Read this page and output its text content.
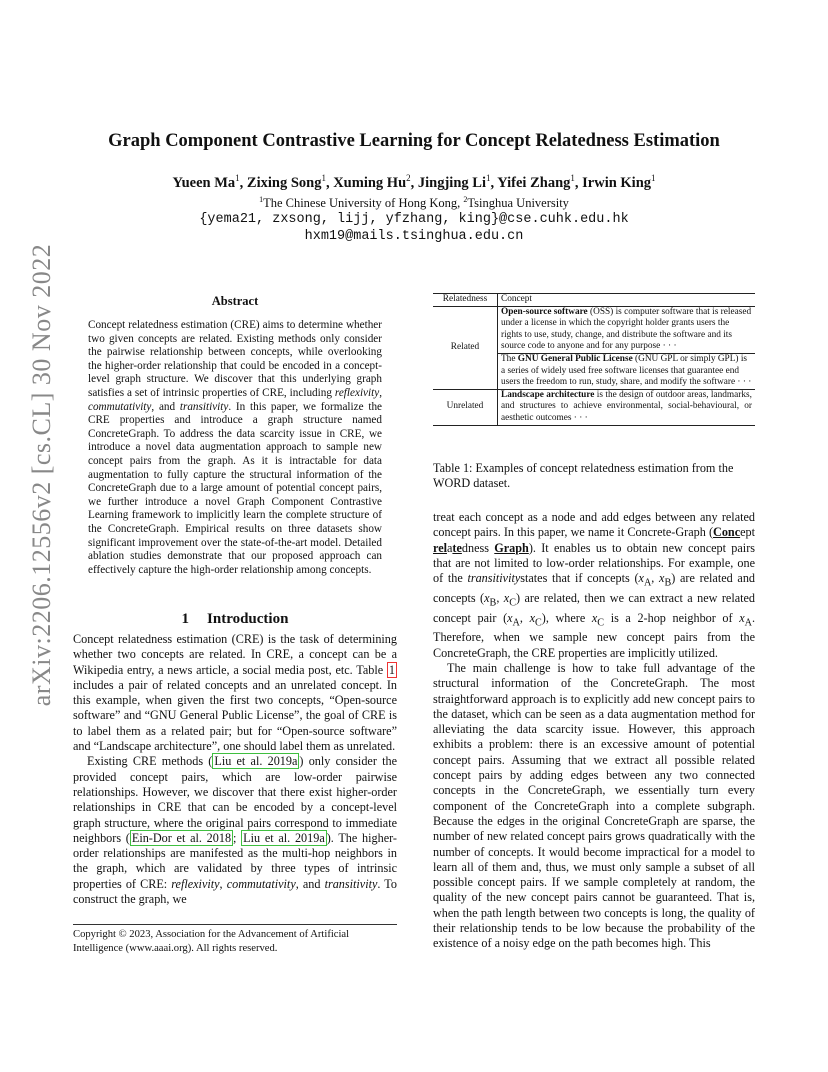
arXiv:2206.12556v2 [cs.CL] 30 Nov 2022
Graph Component Contrastive Learning for Concept Relatedness Estimation
Yueen Ma$^1$, Zixing Song$^1$, Xuming Hu$^2$, Jingjing Li$^1$, Yifei Zhang$^1$, Irwin King$^1$
$^1$The Chinese University of Hong Kong, $^2$Tsinghua University
{yema21, zxsong, lijj, yfzhang, king}@cse.cuhk.edu.hk
hxm19@mails.tsinghua.edu.cn
Abstract
Concept relatedness estimation (CRE) aims to determine whether two given concepts are related. Existing methods only consider the pairwise relationship between concepts, while overlooking the higher-order relationship that could be encoded in a concept-level graph structure. We discover that this underlying graph satisfies a set of intrinsic properties of CRE, including reflexivity, commutativity, and transitivity. In this paper, we formalize the CRE properties and introduce a graph structure named ConcreteGraph. To address the data scarcity issue in CRE, we introduce a novel data augmentation approach to sample new concept pairs from the graph. As it is intractable for data augmentation to fully capture the structural information of the ConcreteGraph due to a large amount of potential concept pairs, we further introduce a novel Graph Component Contrastive Learning framework to implicitly learn the complete structure of the ConcreteGraph. Empirical results on three datasets show significant improvement over the state-of-the-art model. Detailed ablation studies demonstrate that our proposed approach can effectively capture the high-order relationship among concepts.
1 Introduction

Concept relatedness estimation (CRE) is the task of determining whether two concepts are related. In CRE, a concept can be a Wikipedia entry, a news article, a social media post, etc. Table 1 includes a pair of related concepts and an unrelated concept. In this example, when given the first two concepts, “Open-source software” and “GNU General Public License”, the goal of CRE is to label them as a related pair; but for “Open-source software” and “Landscape architecture”, one should label them as unrelated.

Existing CRE methods ( Liu et al. 2019a ) only consider the provided concept pairs, which are low-order pairwise relationships. However, we discover that there exist higher-order relationships in CRE that can be encoded by a concept-level graph structure, where the original pairs correspond to immediate neighbors ( Ein-Dor et al. 2018 ; Liu et al. 2019a ). The higher-order relationships are manifested as the multi-hop neighbors in the graph, which are validated by three types of intrinsic properties of CRE: reflexivity, commutativity, and transitivity. To construct the graph, we

Copyright © 2023, Association for the Advancement of Artificial Intelligence (www.aaai.org). All rights reserved.
Relatedness	Concept
Related	Open-source software (OSS) is computer software that is released under a license in which the copyright holder grants users the rights to use, study, change, and distribute the software and its source code to anyone and for any purpose · · ·
	The GNU General Public License (GNU GPL or simply GPL) is a series of widely used free software licenses that guarantee end users the freedom to run, study, share, and modify the software · · ·
Unrelated	Landscape architecture is the design of outdoor areas, landmarks, and structures to achieve environmental, social-behavioural, or aesthetic outcomes · · ·
Table 1: Examples of concept relatedness estimation from the WORD dataset.

treat each concept as a node and add edges between any related concept pairs. In this paper, we name it Concrete-Graph (Concept relatedness Graph). It enables us to obtain new concept pairs that are not limited to low-order relationships. For example, one of the transitivitystates that if concepts ($x_A$, $x_B$) are related and concepts ($x_B$, $x_C$) are related, then we can extract a new related concept pair ($x_A$, $x_C$), where $x_C$ is a 2-hop neighbor of $x_A$. Therefore, when we sample new concept pairs from the ConcreteGraph, the CRE properties are implicitly utilized.

The main challenge is how to take full advantage of the structural information of the ConcreteGraph. The most straightforward approach is to explicitly add new concept pairs to the dataset, which can be seen as a data augmentation method for alleviating the data scarcity issue. However, this approach exhibits a problem: there is an excessive amount of potential concept pairs. Assuming that we extract all possible related concept pairs by adding edges between any two connected concepts in the ConcreteGraph, we essentially turn every component of the ConcreteGraph into a complete subgraph. Because the edges in the original ConcreteGraph are sparse, the number of new related concept pairs grows quadratically with the number of concepts. It would become impractical for a model to learn all of them and, thus, we must only sample a subset of all possible concept pairs. If we sample completely at random, the quality of the new concept pairs cannot be guaranteed. That is, when the path length between two concepts is long, the quality of their relationship tends to be low because the probability of the existence of a noisy edge on the path becomes high. This
